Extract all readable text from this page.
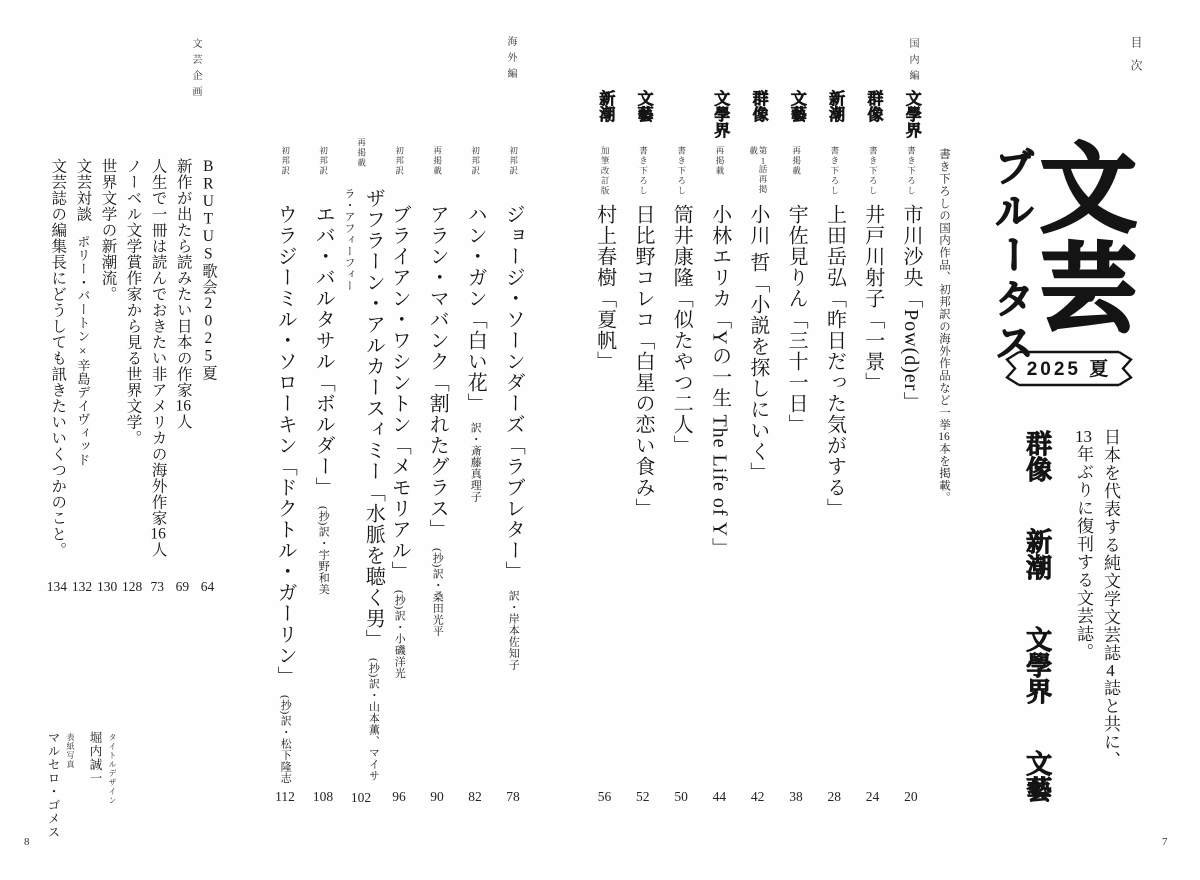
目次
文芸
ブルータス
2025 夏
日本を代表する純文学文芸誌4誌と共に、
13年ぶりに復刊する文芸誌。
群像 新潮 文學界 文藝
書き下ろしの国内作品、初邦訳の海外作品など一挙16本を掲載。
国内編
文學界
書き下ろし
市川沙央「Pow(d)er」
20
群像
書き下ろし
井戸川射子「一景」
24
新潮
書き下ろし
上田岳弘「昨日だった気がする」
28
文藝
再掲載
宇佐見りん「三十一日」
38
群像
第1話再掲載
小川 哲「小説を探しにいく」
42
文學界
再掲載
小林エリカ「Yの一生 The Life of Y」
44
書き下ろし
筒井康隆「似たやつ二人」
50
文藝
書き下ろし
日比野コレコ「白星の恋い食み」
52
新潮
加筆改訂版
村上春樹「夏帆」
56
海外編
初邦訳
ジョージ・ソーンダーズ「ラブレター」訳・岸本佐知子
78
初邦訳
ハン・ガン「白い花」訳・斎藤真理子
82
再掲載
アラン・マバンク「割れたグラス」(抄)訳・桑田光平
90
初邦訳
ブライアン・ワシントン「メモリアル」(抄)訳・小磯洋光
96
再掲載
ザフラーン・アルカースィミー「水脈を聴く男」(抄)訳・山本薫、マイサラ・アフィーフィー
102
初邦訳
エバ・バルタサル「ボルダー」(抄)訳・宇野和美
108
初邦訳
ウラジーミル・ソローキン「ドクトル・ガーリン」(抄)訳・松下隆志
112
文芸企画
BRUTUS歌会2025夏
64
新作が出たら読みたい日本の作家16人
69
人生で一冊は読んでおきたい非アメリカの海外作家16人
73
ノーベル文学賞作家から見る世界文学。
128
世界文学の新潮流。
130
文芸対談ポリー・バートン×辛島デイヴィッド
132
文芸誌の編集長にどうしても訊きたいいくつかのこと。
134
タイトルデザイン
堀内誠一
表紙写真
マルセロ・ゴメス
8	7
